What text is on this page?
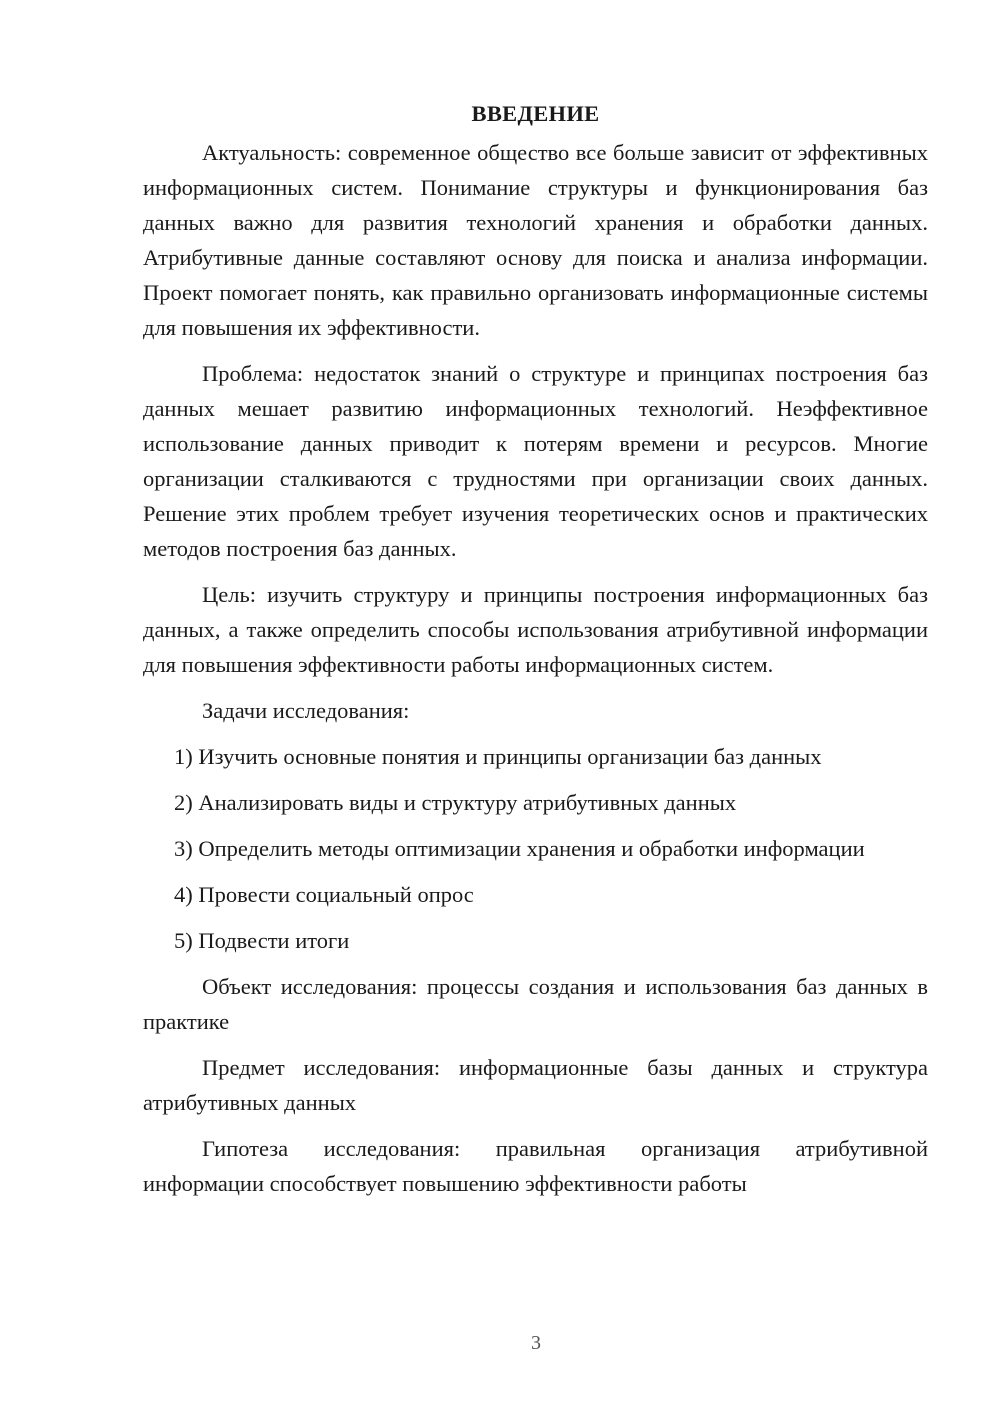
ВВЕДЕНИЕ

Актуальность: современное общество все больше зависит от эффективных информационных систем. Понимание структуры и функционирования баз данных важно для развития технологий хранения и обработки данных. Атрибутивные данные составляют основу для поиска и анализа информации. Проект помогает понять, как правильно организовать информационные системы для повышения их эффективности.

Проблема: недостаток знаний о структуре и принципах построения баз данных мешает развитию информационных технологий. Неэффективное использование данных приводит к потерям времени и ресурсов. Многие организации сталкиваются с трудностями при организации своих данных. Решение этих проблем требует изучения теоретических основ и практических методов построения баз данных.

Цель: изучить структуру и принципы построения информационных баз данных, а также определить способы использования атрибутивной информации для повышения эффективности работы информационных систем.

Задачи исследования:

1) Изучить основные понятия и принципы организации баз данных

2) Анализировать виды и структуру атрибутивных данных

3) Определить методы оптимизации хранения и обработки информации

4) Провести социальный опрос

5) Подвести итоги

Объект исследования: процессы создания и использования баз данных в практике

Предмет исследования: информационные базы данных и структура атрибутивных данных

Гипотеза исследования: правильная организация атрибутивной информации способствует повышению эффективности работы

3
